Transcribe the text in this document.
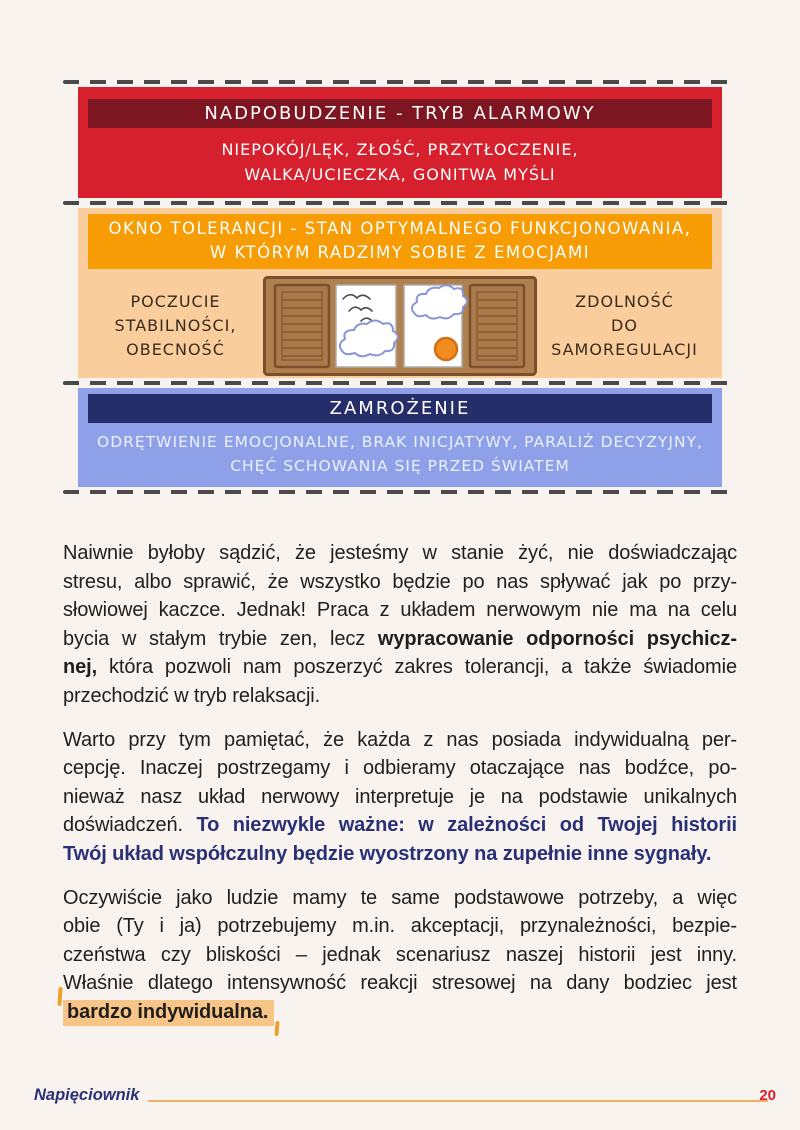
NADPOBUDZENIE - TRYB ALARMOWY
NIEPOKÓJ/LĘK, ZŁOŚĆ, PRZYTŁOCZENIE,
WALKA/UCIECZKA, GONITWA MYŚLI
OKNO TOLERANCJI - STAN OPTYMALNEGO FUNKCJONOWANIA,
W KTÓRYM RADZIMY SOBIE Z EMOCJAMI
POCZUCIE STABILNOŚCI,
OBECNOŚĆ
ZDOLNOŚĆ
DO SAMOREGULACJI
ZAMROŻENIE
ODRĘTWIENIE EMOCJONALNE, BRAK INICJATYWY, PARALIŻ DECYZYJNY,
CHĘĆ SCHOWANIA SIĘ PRZED ŚWIATEM
Naiwnie byłoby sądzić, że jesteśmy w stanie żyć, nie doświadczając
stresu, albo sprawić, że wszystko będzie po nas spływać jak po przy-
słowiowej kaczce. Jednak! Praca z układem nerwowym nie ma na celu
bycia w stałym trybie zen, lecz wypracowanie odporności psychicz-
nej, która pozwoli nam poszerzyć zakres tolerancji, a także świadomie
przechodzić w tryb relaksacji.
Warto przy tym pamiętać, że każda z nas posiada indywidualną per-
cepcję. Inaczej postrzegamy i odbieramy otaczające nas bodźce, po-
nieważ nasz układ nerwowy interpretuje je na podstawie unikalnych
doświadczeń. To niezwykle ważne: w zależności od Twojej historii
Twój układ współczulny będzie wyostrzony na zupełnie inne sygnały.
Oczywiście jako ludzie mamy te same podstawowe potrzeby, a więc
obie (Ty i ja) potrzebujemy m.in. akceptacji, przynależności, bezpie-
czeństwa czy bliskości – jednak scenariusz naszej historii jest inny.
Właśnie dlatego intensywność reakcji stresowej na dany bodziec jest
bardzo indywidualna.
Napięciownik	20
